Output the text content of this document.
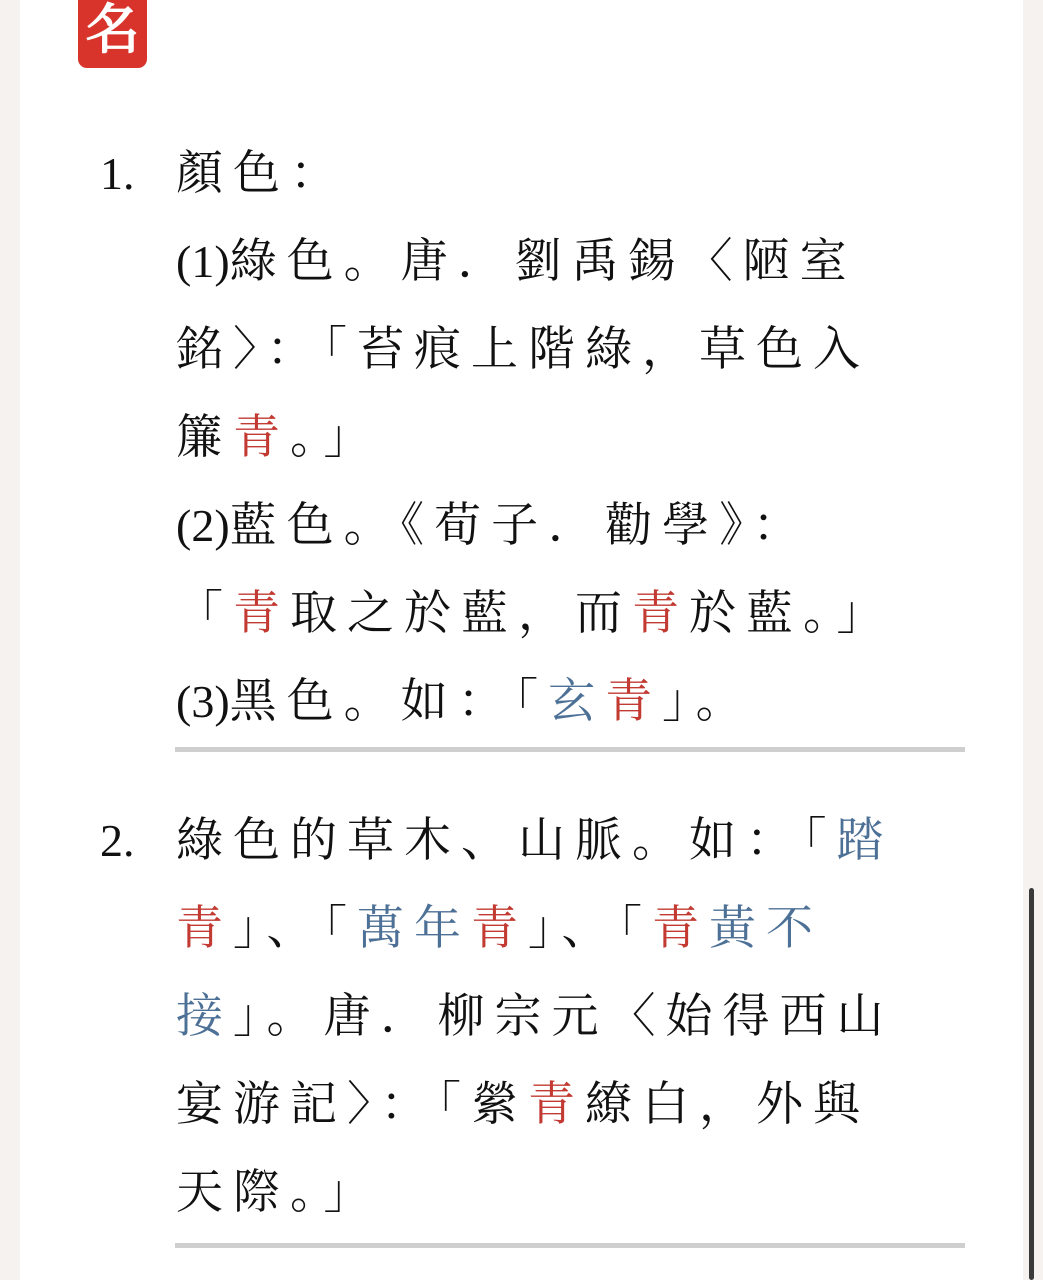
名
1. 顏色：
(1)綠色。唐．劉禹錫〈陋室
銘〉：「苔痕上階綠，草色入
簾青。」
(2)藍色。《荀子．勸學》：
「青取之於藍，而青於藍。」
(3)黑色。如：「玄青」。
2. 綠色的草木、山脈。如：「踏
青」、「萬年青」、「青黃不
接」。唐．柳宗元〈始得西山
宴游記〉：「縈青繚白，外與
天際。」
